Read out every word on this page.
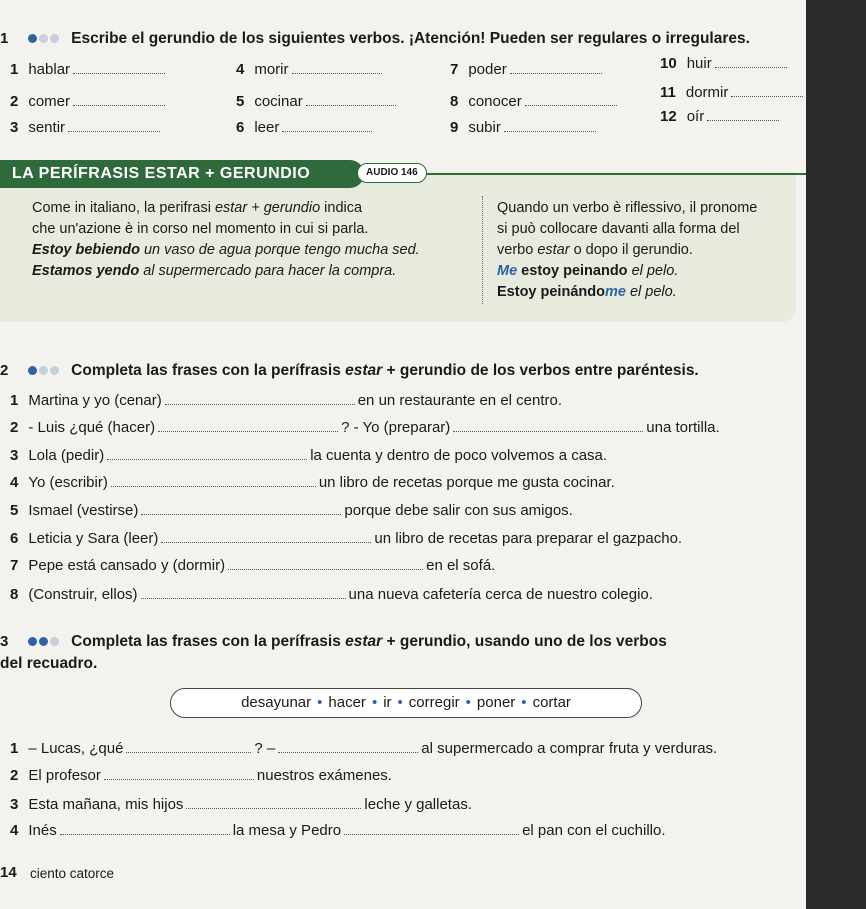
1	Escribe el gerundio de los siguientes verbos. ¡Atención! Pueden ser regulares o irregulares.
1 hablar
2 comer
3 sentir
4 morir
5 cocinar
6 leer
7 poder
8 conocer
9 subir
10 huir
11 dormir
12 oír
LA PERÍFRASIS ESTAR + GERUNDIO	AUDIO 146
Come in italiano, la perifrasi estar + gerundio indica
che un'azione è in corso nel momento in cui si parla.
Estoy bebiendo un vaso de agua porque tengo mucha sed.
Estamos yendo al supermercado para hacer la compra.
Quando un verbo è riflessivo, il pronome
si può collocare davanti alla forma del
verbo estar o dopo il gerundio.
Me estoy peinando el pelo.
Estoy peinándome el pelo.
2	Completa las frases con la perífrasis estar + gerundio de los verbos entre paréntesis.
1 Martina y yo (cenar)	en un restaurante en el centro.
2 - Luis ¿qué (hacer)	? - Yo (preparar)	una tortilla.
3 Lola (pedir)	la cuenta y dentro de poco volvemos a casa.
4 Yo (escribir)	un libro de recetas porque me gusta cocinar.
5 Ismael (vestirse)	porque debe salir con sus amigos.
6 Leticia y Sara (leer)	un libro de recetas para preparar el gazpacho.
7 Pepe está cansado y (dormir)	en el sofá.
8 (Construir, ellos)	una nueva cafetería cerca de nuestro colegio.
3	Completa las frases con la perífrasis estar + gerundio, usando uno de los verbos
del recuadro.
desayunar • hacer • ir • corregir • poner • cortar
1 – Lucas, ¿qué	? –	al supermercado a comprar fruta y verduras.
2 El profesor	nuestros exámenes.
3 Esta mañana, mis hijos	leche y galletas.
4 Inés	la mesa y Pedro	el pan con el cuchillo.
14 ciento catorce
